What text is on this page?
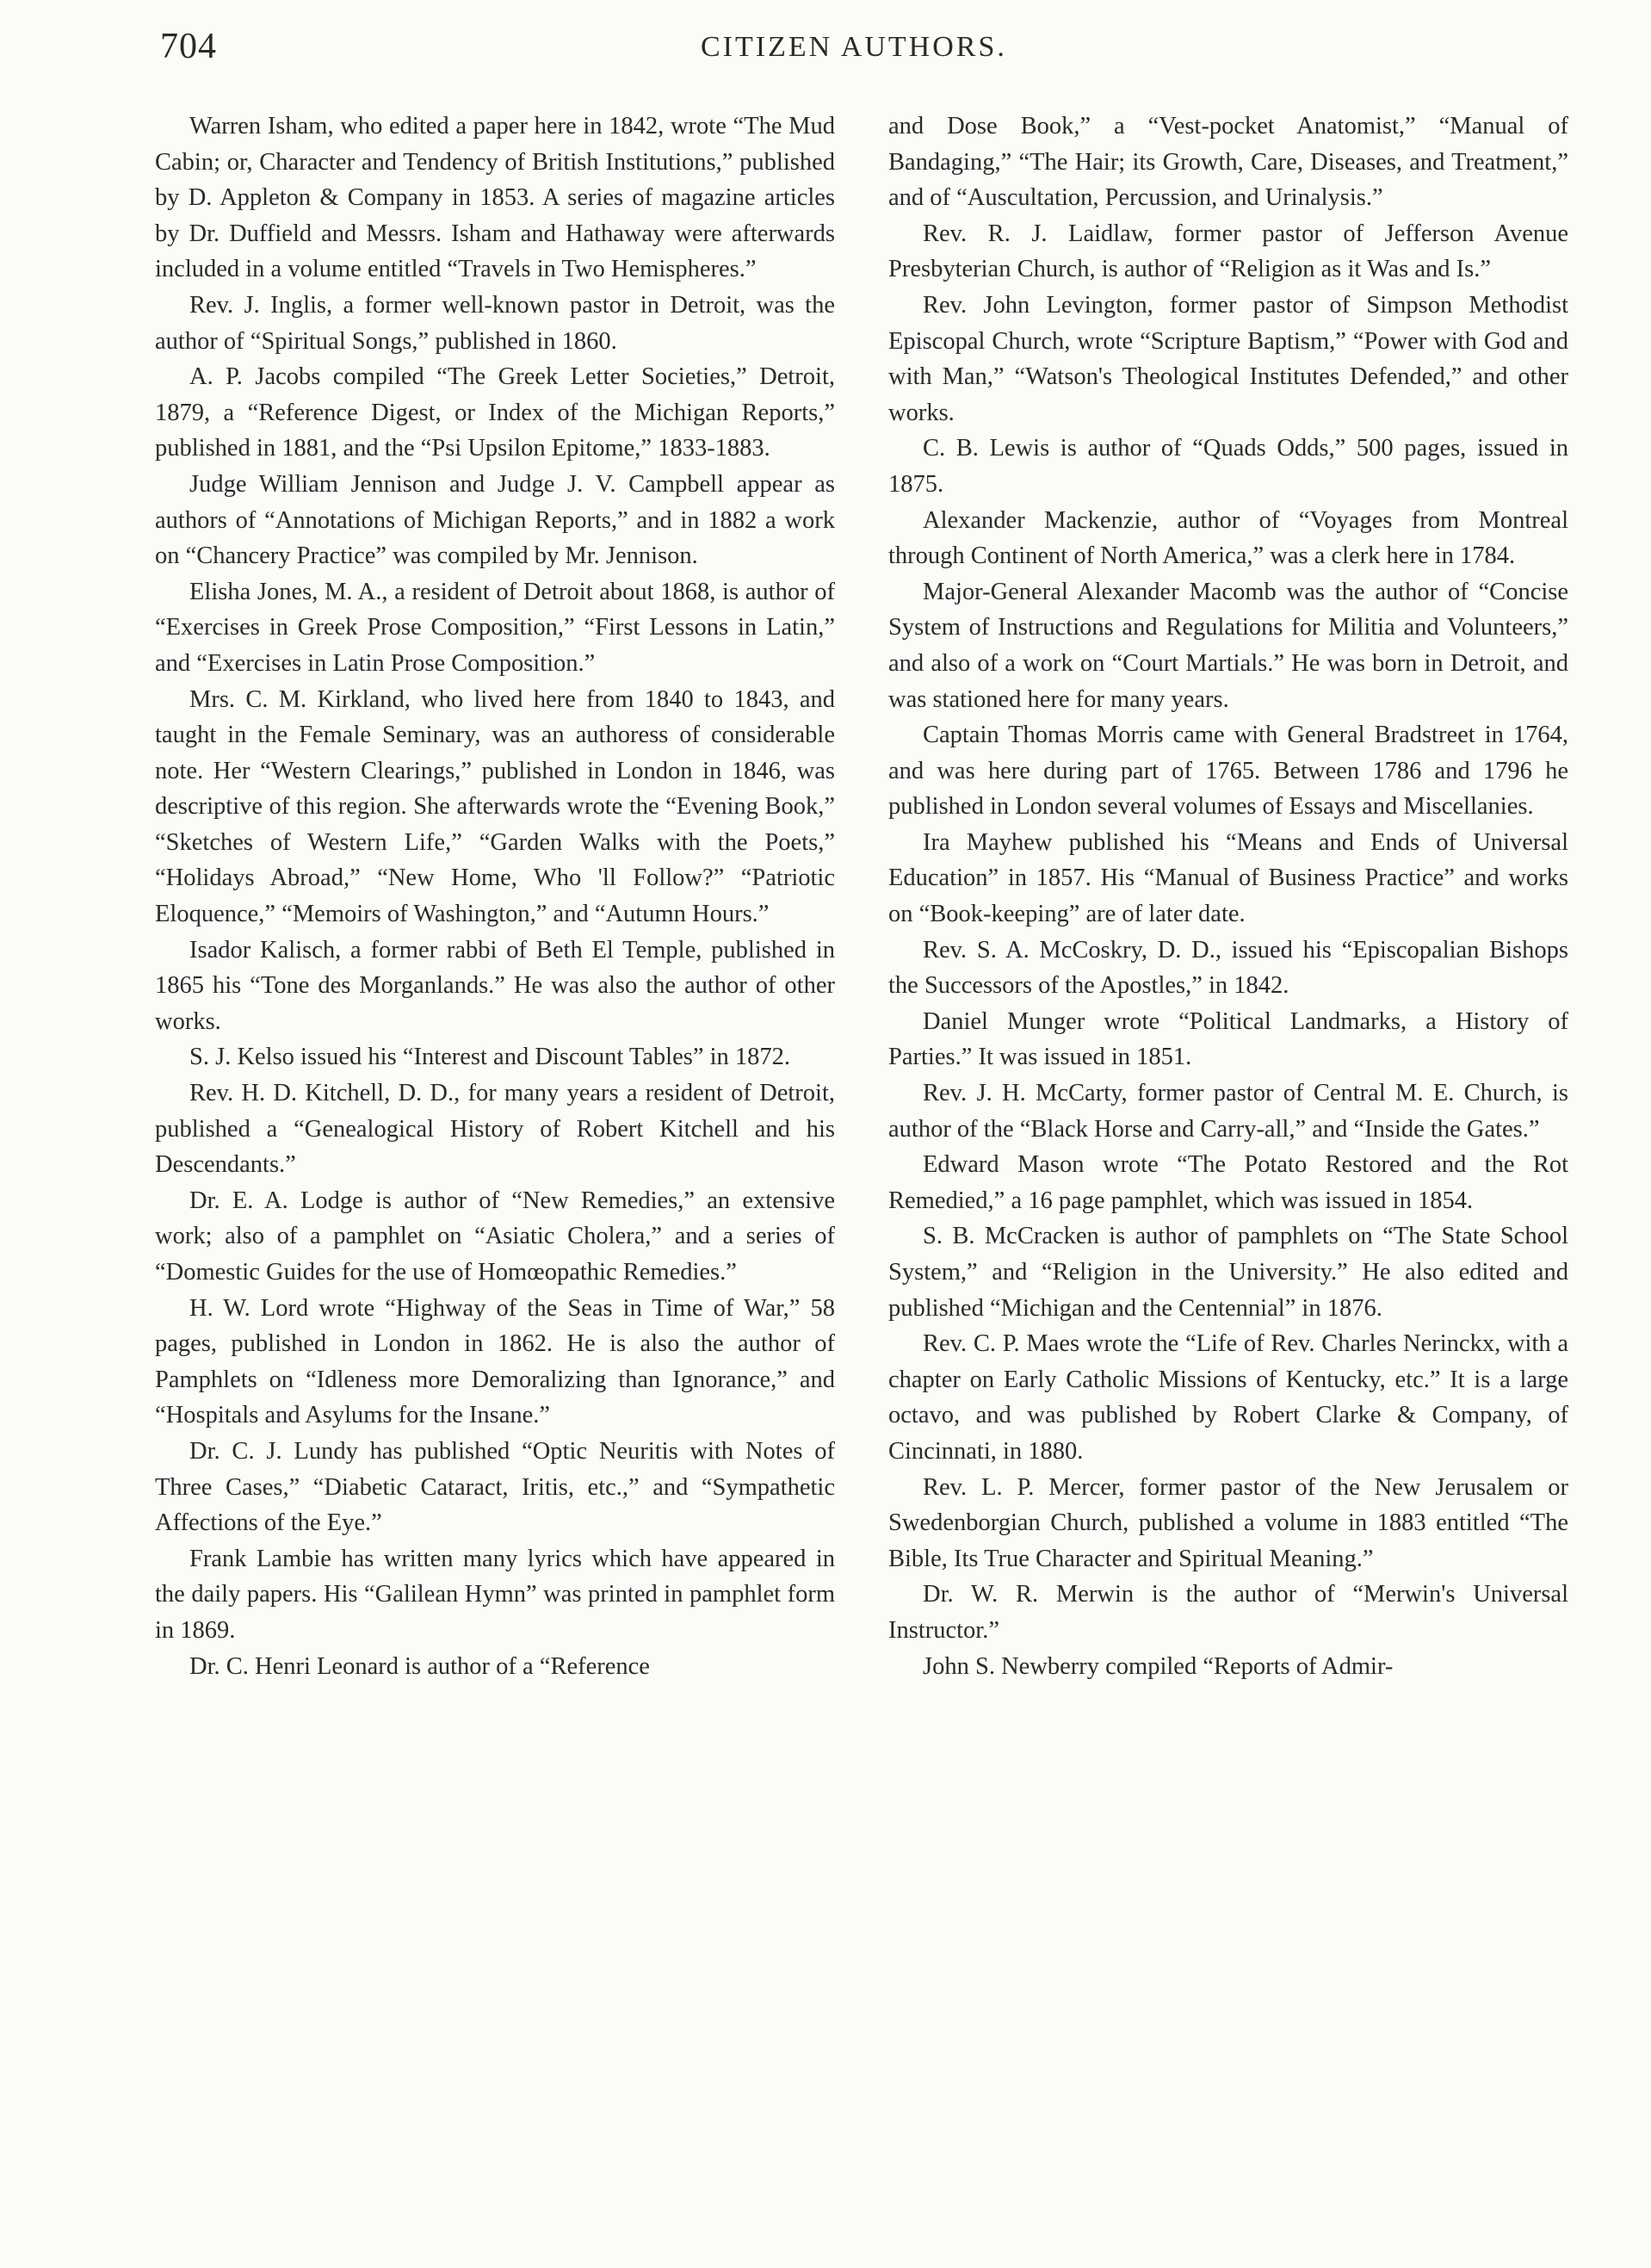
704	CITIZEN AUTHORS.

Warren Isham, who edited a paper here in 1842, wrote “The Mud Cabin; or, Character and Tendency of British Institutions,” published by D. Appleton & Company in 1853. A series of magazine articles by Dr. Duffield and Messrs. Isham and Hathaway were afterwards included in a volume entitled “Travels in Two Hemispheres.”

Rev. J. Inglis, a former well-known pastor in Detroit, was the author of “Spiritual Songs,” published in 1860.

A. P. Jacobs compiled “The Greek Letter Societies,” Detroit, 1879, a “Reference Digest, or Index of the Michigan Reports,” published in 1881, and the “Psi Upsilon Epitome,” 1833-1883.

Judge William Jennison and Judge J. V. Campbell appear as authors of “Annotations of Michigan Reports,” and in 1882 a work on “Chancery Practice” was compiled by Mr. Jennison.

Elisha Jones, M. A., a resident of Detroit about 1868, is author of “Exercises in Greek Prose Composition,” “First Lessons in Latin,” and “Exercises in Latin Prose Composition.”

Mrs. C. M. Kirkland, who lived here from 1840 to 1843, and taught in the Female Seminary, was an authoress of considerable note. Her “Western Clearings,” published in London in 1846, was descriptive of this region. She afterwards wrote the “Evening Book,” “Sketches of Western Life,” “Garden Walks with the Poets,” “Holidays Abroad,” “New Home, Who 'll Follow?” “Patriotic Eloquence,” “Memoirs of Washington,” and “Autumn Hours.”

Isador Kalisch, a former rabbi of Beth El Temple, published in 1865 his “Tone des Morganlands.” He was also the author of other works.

S. J. Kelso issued his “Interest and Discount Tables” in 1872.

Rev. H. D. Kitchell, D. D., for many years a resident of Detroit, published a “Genealogical History of Robert Kitchell and his Descendants.”

Dr. E. A. Lodge is author of “New Remedies,” an extensive work; also of a pamphlet on “Asiatic Cholera,” and a series of “Domestic Guides for the use of Homœopathic Remedies.”

H. W. Lord wrote “Highway of the Seas in Time of War,” 58 pages, published in London in 1862. He is also the author of Pamphlets on “Idleness more Demoralizing than Ignorance,” and “Hospitals and Asylums for the Insane.”

Dr. C. J. Lundy has published “Optic Neuritis with Notes of Three Cases,” “Diabetic Cataract, Iritis, etc.,” and “Sympathetic Affections of the Eye.”

Frank Lambie has written many lyrics which have appeared in the daily papers. His “Galilean Hymn” was printed in pamphlet form in 1869.

Dr. C. Henri Leonard is author of a “Reference

and Dose Book,” a “Vest-pocket Anatomist,” “Manual of Bandaging,” “The Hair; its Growth, Care, Diseases, and Treatment,” and of “Auscultation, Percussion, and Urinalysis.”

Rev. R. J. Laidlaw, former pastor of Jefferson Avenue Presbyterian Church, is author of “Religion as it Was and Is.”

Rev. John Levington, former pastor of Simpson Methodist Episcopal Church, wrote “Scripture Baptism,” “Power with God and with Man,” “Watson's Theological Institutes Defended,” and other works.

C. B. Lewis is author of “Quads Odds,” 500 pages, issued in 1875.

Alexander Mackenzie, author of “Voyages from Montreal through Continent of North America,” was a clerk here in 1784.

Major-General Alexander Macomb was the author of “Concise System of Instructions and Regulations for Militia and Volunteers,” and also of a work on “Court Martials.” He was born in Detroit, and was stationed here for many years.

Captain Thomas Morris came with General Bradstreet in 1764, and was here during part of 1765. Between 1786 and 1796 he published in London several volumes of Essays and Miscellanies.

Ira Mayhew published his “Means and Ends of Universal Education” in 1857. His “Manual of Business Practice” and works on “Book-keeping” are of later date.

Rev. S. A. McCoskry, D. D., issued his “Episcopalian Bishops the Successors of the Apostles,” in 1842.

Daniel Munger wrote “Political Landmarks, a History of Parties.” It was issued in 1851.

Rev. J. H. McCarty, former pastor of Central M. E. Church, is author of the “Black Horse and Carry-all,” and “Inside the Gates.”

Edward Mason wrote “The Potato Restored and the Rot Remedied,” a 16 page pamphlet, which was issued in 1854.

S. B. McCracken is author of pamphlets on “The State School System,” and “Religion in the University.” He also edited and published “Michigan and the Centennial” in 1876.

Rev. C. P. Maes wrote the “Life of Rev. Charles Nerinckx, with a chapter on Early Catholic Missions of Kentucky, etc.” It is a large octavo, and was published by Robert Clarke & Company, of Cincinnati, in 1880.

Rev. L. P. Mercer, former pastor of the New Jerusalem or Swedenborgian Church, published a volume in 1883 entitled “The Bible, Its True Character and Spiritual Meaning.”

Dr. W. R. Merwin is the author of “Merwin's Universal Instructor.”

John S. Newberry compiled “Reports of Admir-
